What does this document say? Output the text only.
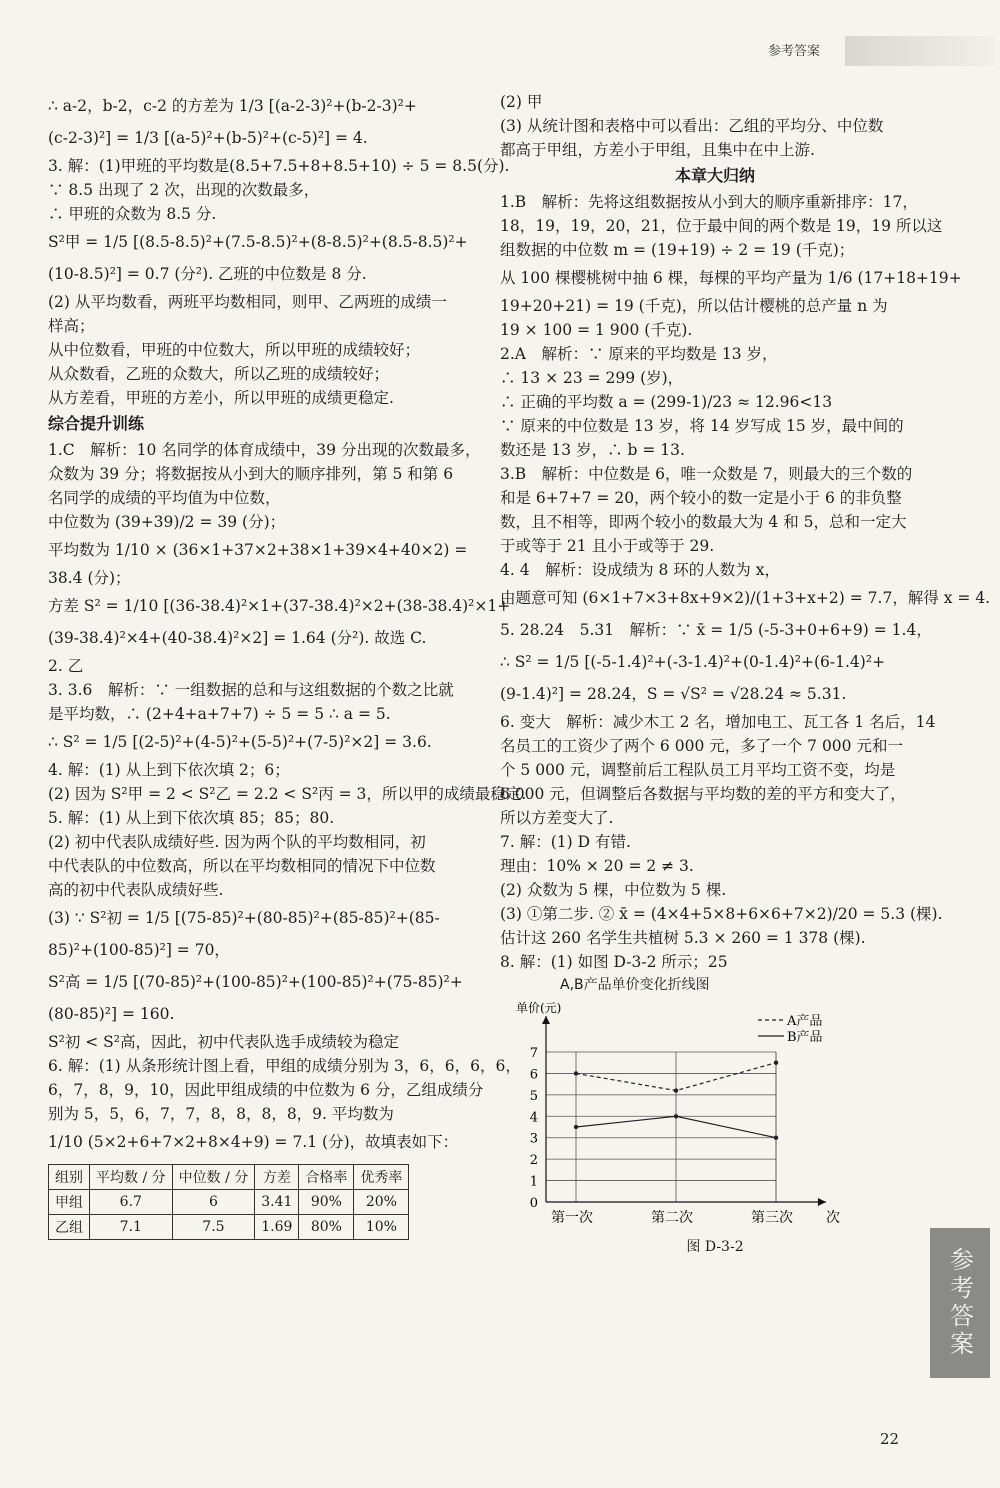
参考答案
∴ a-2，b-2，c-2 的方差为 1/3 [(a-2-3)²+(b-2-3)²+
(c-2-3)²] = 1/3 [(a-5)²+(b-5)²+(c-5)²] = 4.
3. 解：(1)甲班的平均数是(8.5+7.5+8+8.5+10) ÷ 5 = 8.5(分).
∵ 8.5 出现了 2 次，出现的次数最多，
∴ 甲班的众数为 8.5 分.
S²甲 = 1/5 [(8.5-8.5)²+(7.5-8.5)²+(8-8.5)²+(8.5-8.5)²+
(10-8.5)²] = 0.7 (分²). 乙班的中位数是 8 分.
(2) 从平均数看，两班平均数相同，则甲、乙两班的成绩一
样高；
从中位数看，甲班的中位数大，所以甲班的成绩较好；
从众数看，乙班的众数大，所以乙班的成绩较好；
从方差看，甲班的方差小，所以甲班的成绩更稳定.
综合提升训练
1.C　解析：10 名同学的体育成绩中，39 分出现的次数最多，
众数为 39 分；将数据按从小到大的顺序排列，第 5 和第 6
名同学的成绩的平均值为中位数，
中位数为 (39+39)/2 = 39 (分)；
平均数为 1/10 × (36×1+37×2+38×1+39×4+40×2) =
38.4 (分)；
方差 S² = 1/10 [(36-38.4)²×1+(37-38.4)²×2+(38-38.4)²×1+
(39-38.4)²×4+(40-38.4)²×2] = 1.64 (分²). 故选 C.
2. 乙
3. 3.6　解析：∵ 一组数据的总和与这组数据的个数之比就
是平均数，∴ (2+4+a+7+7) ÷ 5 = 5 ∴ a = 5.
∴ S² = 1/5 [(2-5)²+(4-5)²+(5-5)²+(7-5)²×2] = 3.6.
4. 解：(1) 从上到下依次填 2；6；
(2) 因为 S²甲 = 2 < S²乙 = 2.2 < S²丙 = 3，所以甲的成绩最稳定.
5. 解：(1) 从上到下依次填 85；85；80.
(2) 初中代表队成绩好些. 因为两个队的平均数相同，初
中代表队的中位数高，所以在平均数相同的情况下中位数
高的初中代表队成绩好些.
(3) ∵ S²初 = 1/5 [(75-85)²+(80-85)²+(85-85)²+(85-
85)²+(100-85)²] = 70，
S²高 = 1/5 [(70-85)²+(100-85)²+(100-85)²+(75-85)²+
(80-85)²] = 160.
S²初 < S²高，因此，初中代表队选手成绩较为稳定
6. 解：(1) 从条形统计图上看，甲组的成绩分别为 3，6，6，6，6，
6，7，8，9，10，因此甲组成绩的中位数为 6 分，乙组成绩分
别为 5，5，6，7，7，8，8，8，8，9. 平均数为
1/10 (5×2+6+7×2+8×4+9) = 7.1 (分)，故填表如下：
组别	平均数 / 分	中位数 / 分	方差	合格率	优秀率
甲组	6.7	6	3.41	90%	20%
乙组	7.1	7.5	1.69	80%	10%
(2) 甲
(3) 从统计图和表格中可以看出：乙组的平均分、中位数
都高于甲组，方差小于甲组，且集中在中上游.
本章大归纳
1.B　解析：先将这组数据按从小到大的顺序重新排序：17，
18，19，19，20，21，位于最中间的两个数是 19，19 所以这
组数据的中位数 m = (19+19) ÷ 2 = 19 (千克)；
从 100 棵樱桃树中抽 6 棵，每棵的平均产量为 1/6 (17+18+19+
19+20+21) = 19 (千克)，所以估计樱桃的总产量 n 为
19 × 100 = 1 900 (千克).
2.A　解析：∵ 原来的平均数是 13 岁，
∴ 13 × 23 = 299 (岁)，
∴ 正确的平均数 a = (299-1)/23 ≈ 12.96<13
∵ 原来的中位数是 13 岁，将 14 岁写成 15 岁，最中间的
数还是 13 岁，∴ b = 13.
3.B　解析：中位数是 6，唯一众数是 7，则最大的三个数的
和是 6+7+7 = 20，两个较小的数一定是小于 6 的非负整
数，且不相等，即两个较小的数最大为 4 和 5，总和一定大
于或等于 21 且小于或等于 29.
4. 4　解析：设成绩为 8 环的人数为 x，
由题意可知 (6×1+7×3+8x+9×2)/(1+3+x+2) = 7.7，解得 x = 4.
5. 28.24　5.31　解析：∵ x̄ = 1/5 (-5-3+0+6+9) = 1.4，
∴ S² = 1/5 [(-5-1.4)²+(-3-1.4)²+(0-1.4)²+(6-1.4)²+
(9-1.4)²] = 28.24，S = √S² = √28.24 ≈ 5.31.
6. 变大　解析：减少木工 2 名，增加电工、瓦工各 1 名后，14
名员工的工资少了两个 6 000 元，多了一个 7 000 元和一
个 5 000 元，调整前后工程队员工月平均工资不变，均是
6 000 元，但调整后各数据与平均数的差的平方和变大了，
所以方差变大了.
7. 解：(1) D 有错.
理由：10% × 20 = 2 ≠ 3.
(2) 众数为 5 棵，中位数为 5 棵.
(3) ①第二步. ② x̄ = (4×4+5×8+6×6+7×2)/20 = 5.3 (棵).
估计这 260 名学生共植树 5.3 × 260 = 1 378 (棵).
8. 解：(1) 如图 D-3-2 所示；25
A,B产品单价变化折线图
1
2
3
4
5
6
7
0
单价(元)
第一次	第二次	第三次 次
A产品
B产品
图 D-3-2	参考答案
22
